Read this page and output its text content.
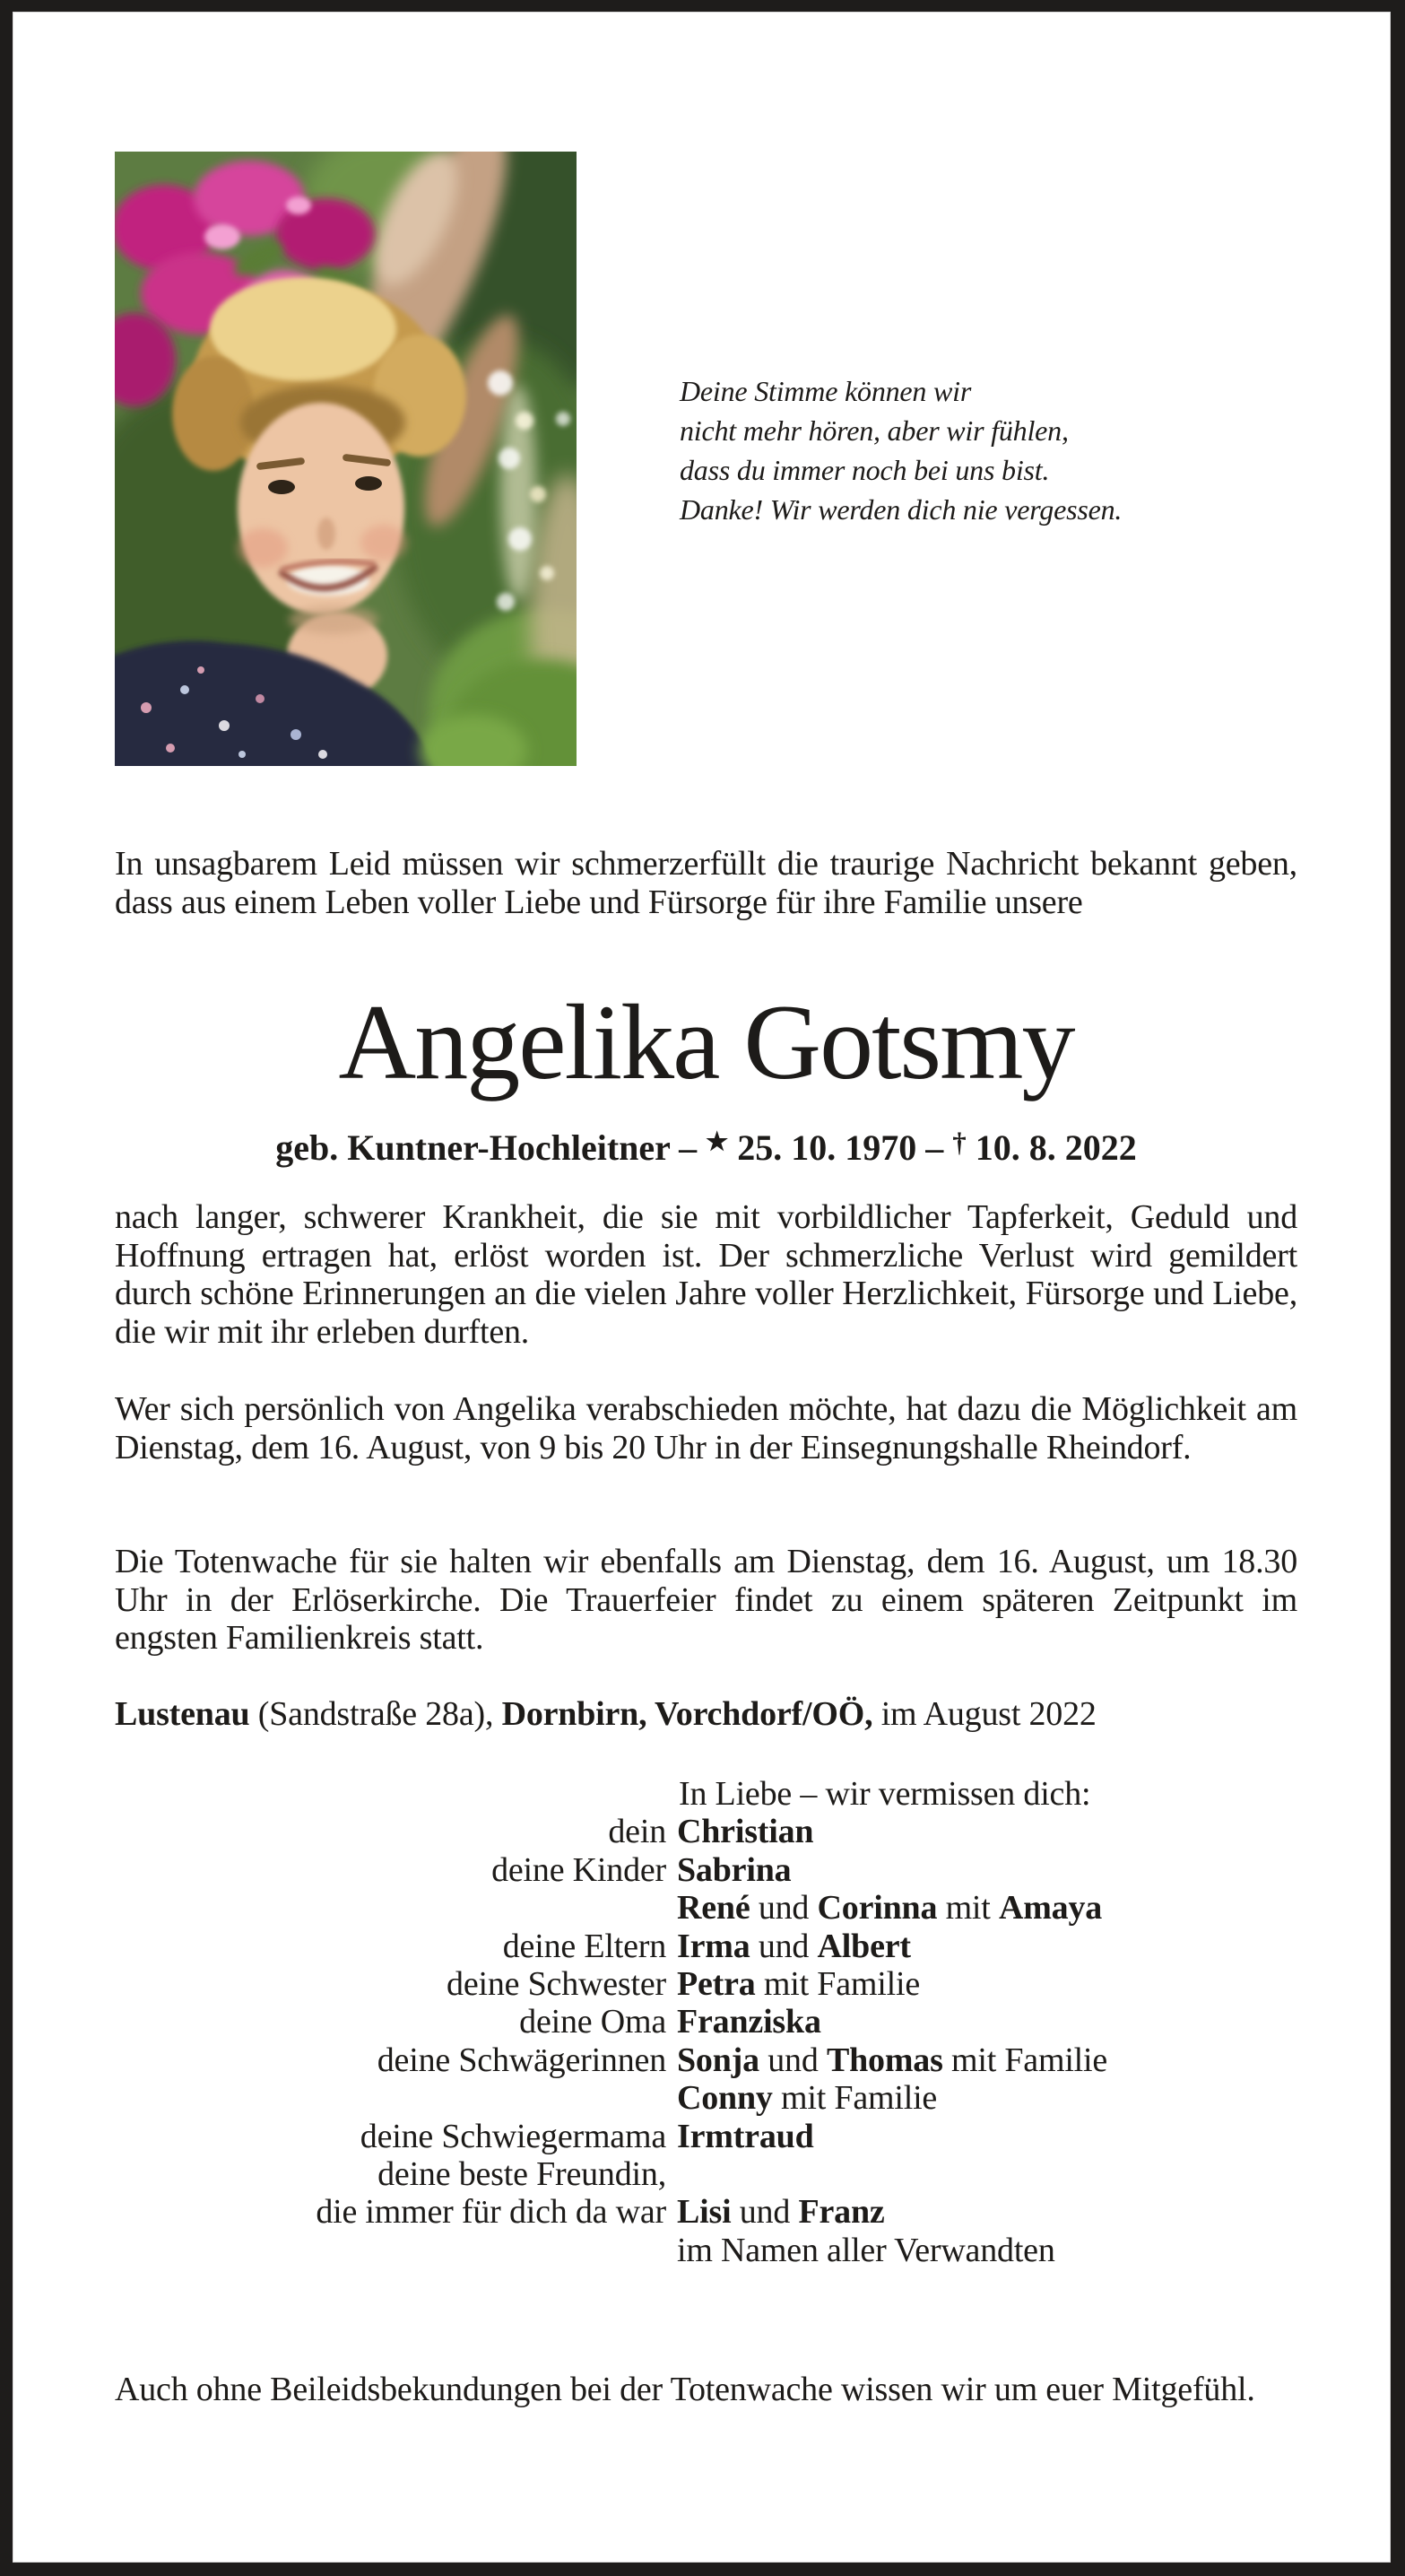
Deine Stimme können wir
nicht mehr hören, aber wir fühlen,
dass du immer noch bei uns bist.
Danke! Wir werden dich nie vergessen.
In unsagbarem Leid müssen wir schmerzerfüllt die traurige Nachricht bekannt geben, dass aus einem Leben voller Liebe und Fürsorge für ihre Familie unsere
Angelika Gotsmy
geb. Kuntner-Hochleitner – ★ 25. 10. 1970 – † 10. 8. 2022
nach langer, schwerer Krankheit, die sie mit vorbildlicher Tapferkeit, Geduld und Hoffnung ertragen hat, erlöst worden ist. Der schmerzliche Verlust wird gemildert durch schöne Erinnerungen an die vielen Jahre voller Herzlichkeit, Fürsorge und Liebe, die wir mit ihr erleben durften.
Wer sich persönlich von Angelika verabschieden möchte, hat dazu die Möglichkeit am Dienstag, dem 16. August, von 9 bis 20 Uhr in der Einsegnungshalle Rheindorf.
Die Totenwache für sie halten wir ebenfalls am Dienstag, dem 16. August, um 18.30 Uhr in der Erlöserkirche. Die Trauerfeier findet zu einem späteren Zeitpunkt im engsten Familienkreis statt.
Lustenau (Sandstraße 28a), Dornbirn, Vorchdorf/OÖ, im August 2022
In Liebe – wir vermissen dich:
dein Christian
deine Kinder Sabrina
René und Corinna mit Amaya
deine Eltern Irma und Albert
deine Schwester Petra mit Familie
deine Oma Franziska
deine Schwägerinnen Sonja und Thomas mit Familie
Conny mit Familie
deine Schwiegermama Irmtraud
deine beste Freundin,
die immer für dich da war Lisi und Franz
im Namen aller Verwandten
Auch ohne Beileidsbekundungen bei der Totenwache wissen wir um euer Mitgefühl.
